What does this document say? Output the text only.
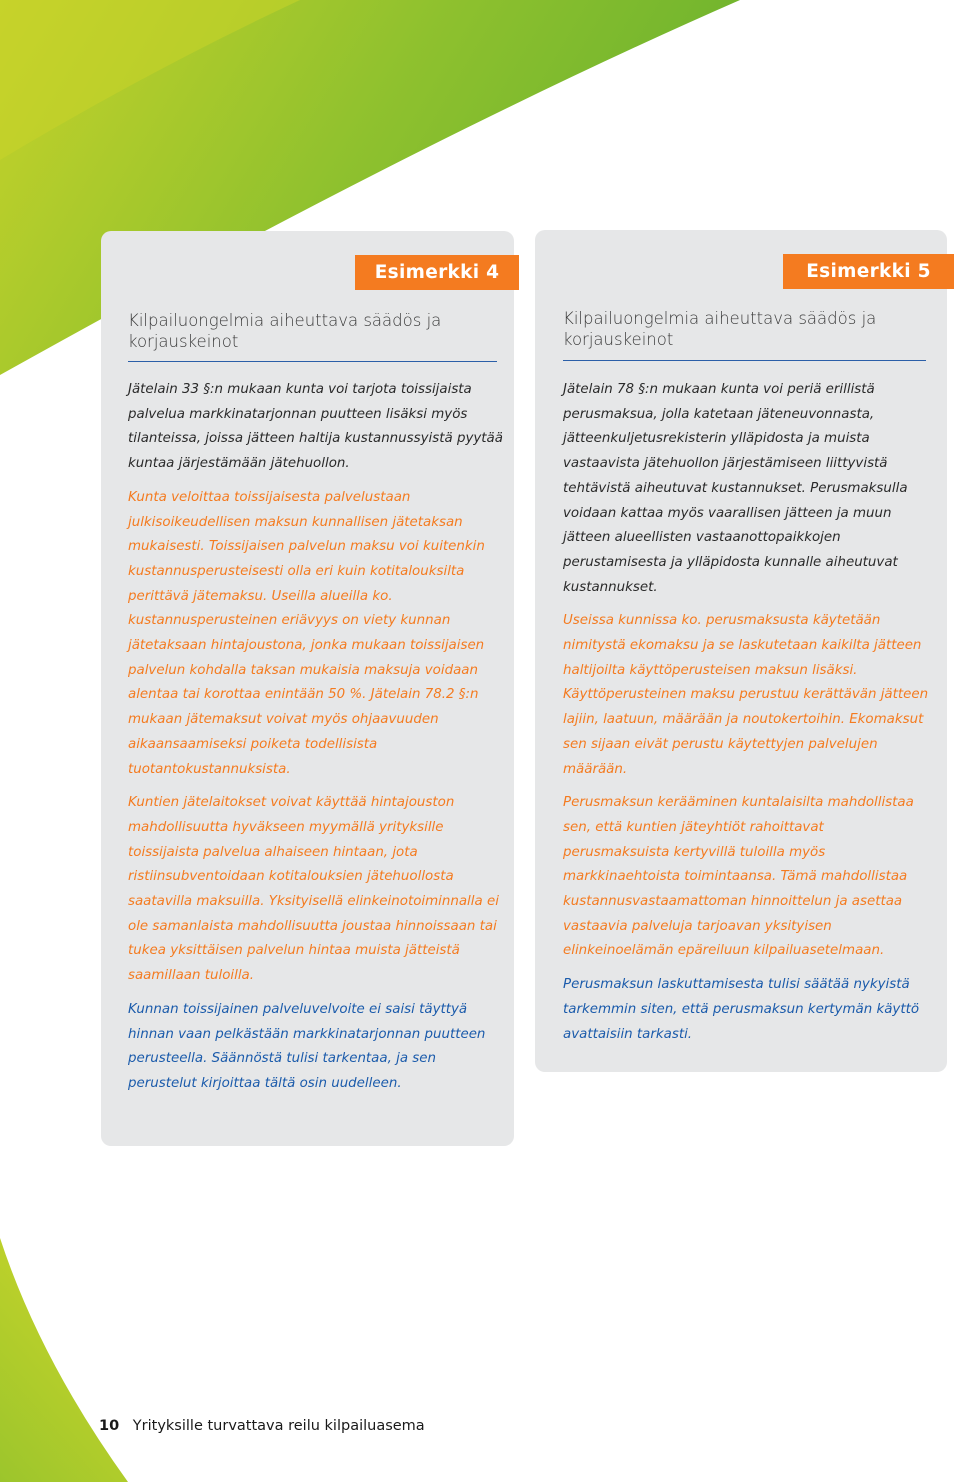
Esimerkki 4
Kilpailuongelmia aiheuttava säädös ja korjauskeinot

Jätelain 33 §:n mukaan kunta voi tarjota toissijaista palvelua markkinatarjonnan puutteen lisäksi myös tilanteissa, joissa jätteen haltija kustannussyistä pyytää kuntaa järjestämään jätehuollon.

Kunta veloittaa toissijaisesta palvelustaan julkisoikeudellisen maksun kunnallisen jätetaksan mukaisesti. Toissijaisen palvelun maksu voi kuitenkin kustannusperusteisesti olla eri kuin kotitalouksilta perittävä jätemaksu. Useilla alueilla ko. kustannusperusteinen eriävyys on viety kunnan jätetaksaan hintajoustona, jonka mukaan toissijaisen palvelun kohdalla taksan mukaisia maksuja voidaan alentaa tai korottaa enintään 50 %. Jätelain 78.2 §:n mukaan jätemaksut voivat myös ohjaavuuden aikaansaamiseksi poiketa todellisista tuotantokustannuksista.

Kuntien jätelaitokset voivat käyttää hintajouston mahdollisuutta hyväkseen myymällä yrityksille toissijaista palvelua alhaiseen hintaan, jota ristiinsubventoidaan kotitalouksien jätehuollosta saatavilla maksuilla. Yksityisellä elinkeinotoiminnalla ei ole samanlaista mahdollisuutta joustaa hinnoissaan tai tukea yksittäisen palvelun hintaa muista jätteistä saamillaan tuloilla.

Kunnan toissijainen palveluvelvoite ei saisi täyttyä hinnan vaan pelkästään markkinatarjonnan puutteen perusteella. Säännöstä tulisi tarkentaa, ja sen perustelut kirjoittaa tältä osin uudelleen.

Esimerkki 5
Kilpailuongelmia aiheuttava säädös ja korjauskeinot

Jätelain 78 §:n mukaan kunta voi periä erillistä perusmaksua, jolla katetaan jäteneuvonnasta, jätteenkuljetusrekisterin ylläpidosta ja muista vastaavista jätehuollon järjestämiseen liittyvistä tehtävistä aiheutuvat kustannukset. Perusmaksulla voidaan kattaa myös vaarallisen jätteen ja muun jätteen alueellisten vastaanottopaikkojen perustamisesta ja ylläpidosta kunnalle aiheutuvat kustannukset.

Useissa kunnissa ko. perusmaksusta käytetään nimitystä ekomaksu ja se laskutetaan kaikilta jätteen haltijoilta käyttöperusteisen maksun lisäksi. Käyttöperusteinen maksu perustuu kerättävän jätteen lajiin, laatuun, määrään ja noutokertoihin. Ekomaksut sen sijaan eivät perustu käytettyjen palvelujen määrään.

Perusmaksun kerääminen kuntalaisilta mahdollistaa sen, että kuntien jäteyhtiöt rahoittavat perusmaksuista kertyvillä tuloilla myös markkinaehtoista toimintaansa. Tämä mahdollistaa kustannusvastaamattoman hinnoittelun ja asettaa vastaavia palveluja tarjoavan yksityisen elinkeinoelämän epäreiluun kilpailuasetelmaan.

Perusmaksun laskuttamisesta tulisi säätää nykyistä tarkemmin siten, että perusmaksun kertymän käyttö avattaisiin tarkasti.

10 Yrityksille turvattava reilu kilpailuasema
